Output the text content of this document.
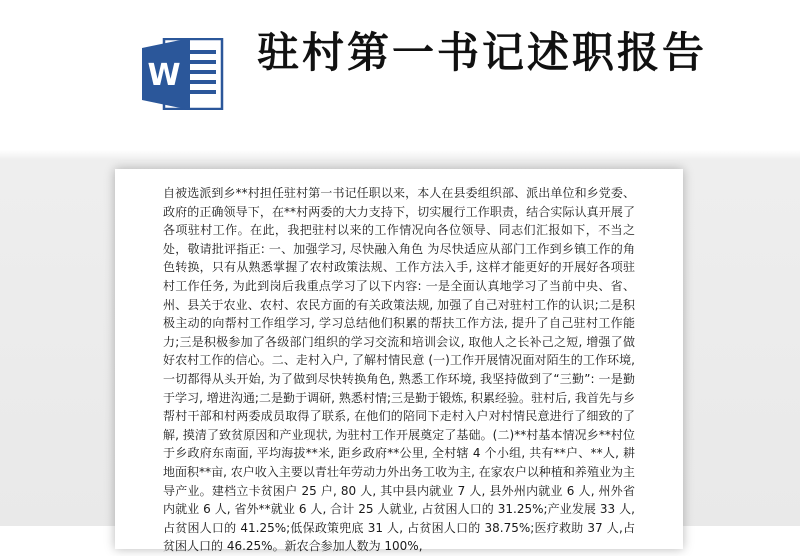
W 驻村第一书记述职报告

自被选派到乡**村担任驻村第一书记任职以来，本人在县委组织部、派出单位和乡党委、政府的正确领导下，在**村两委的大力支持下，切实履行工作职责，结合实际认真开展了各项驻村工作。在此，我把驻村以来的工作情况向各位领导、同志们汇报如下，不当之处，敬请批评指正: 一、加强学习, 尽快融入角色 为尽快适应从部门工作到乡镇工作的角色转换，只有从熟悉掌握了农村政策法规、工作方法入手, 这样才能更好的开展好各项驻村工作任务, 为此到岗后我重点学习了以下内容: 一是全面认真地学习了当前中央、省、州、县关于农业、农村、农民方面的有关政策法规, 加强了自己对驻村工作的认识;二是积极主动的向帮村工作组学习, 学习总结他们积累的帮扶工作方法, 提升了自己驻村工作能力;三是积极参加了各级部门组织的学习交流和培训会议, 取他人之长补己之短, 增强了做好农村工作的信心。二、走村入户, 了解村情民意 (一)工作开展情况面对陌生的工作环境, 一切都得从头开始, 为了做到尽快转换角色, 熟悉工作环境, 我坚持做到了“三勤”: 一是勤于学习, 增进沟通;二是勤于调研, 熟悉村情;三是勤于锻炼, 积累经验。驻村后, 我首先与乡帮村干部和村两委成员取得了联系, 在他们的陪同下走村入户对村情民意进行了细致的了解, 摸清了致贫原因和产业现状, 为驻村工作开展奠定了基础。(二)**村基本情况乡**村位于乡政府东南面, 平均海拔**米, 距乡政府**公里, 全村辖 4 个小组, 共有**户、**人, 耕地面积**亩, 农户收入主要以青壮年劳动力外出务工收为主, 在家农户以种植和养殖业为主导产业。建档立卡贫困户 25 户, 80 人, 其中县内就业 7 人, 县外州内就业 6 人, 州外省内就业 6 人, 省外**就业 6 人, 合计 25 人就业, 占贫困人口的 31.25%;产业发展 33 人, 占贫困人口的 41.25%;低保政策兜底 31 人, 占贫困人口的 38.75%;医疗救助 37 人,占贫困人口的 46.25%。新农合参加人数为 100%,
